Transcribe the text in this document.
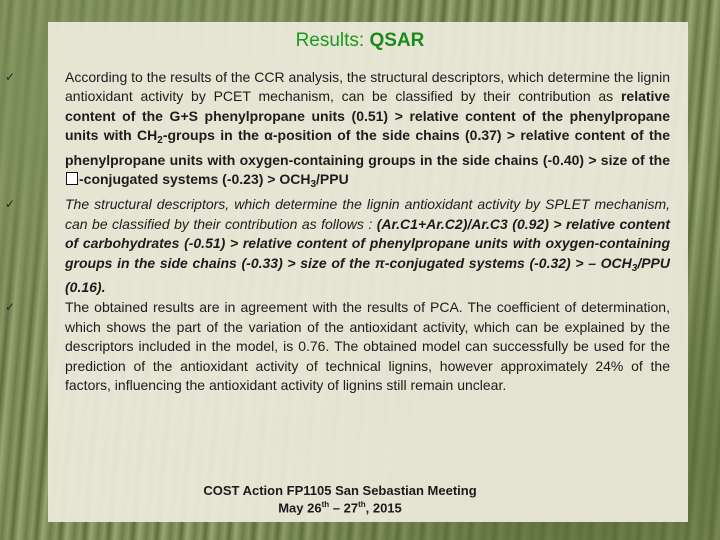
Results: QSAR
✓	According to the results of the CCR analysis, the structural descriptors, which determine the lignin antioxidant activity by PCET mechanism, can be classified by their contribution as relative content of the G+S phenylpropane units (0.51) > relative content of the phenylpropane units with $CH_2$-groups in the α-position of the side chains (0.37) > relative content of the phenylpropane units with oxygen-containing groups in the side chains (-0.40) > size of the -conjugated systems $(-0.23) > OCH_3$/PPU
✓	The structural descriptors, which determine the lignin antioxidant activity by SPLET mechanism, can be classified by their contribution as follows : (Ar.C1+Ar.C2)/Ar.C3 (0.92) > relative content of carbohydrates (-0.51) > relative content of phenylpropane units with oxygen-containing groups in the side chains (-0.33) > size of the π-conjugated systems (-0.32) > – $OCH_3$/PPU (0.16).
✓	The obtained results are in agreement with the results of PCA. The coefficient of determination, which shows the part of the variation of the antioxidant activity, which can be explained by the descriptors included in the model, is 0.76. The obtained model can successfully be used for the prediction of the antioxidant activity of technical lignins, however approximately 24% of the factors, influencing the antioxidant activity of lignins still remain unclear.
COST Action FP1105 San Sebastian Meeting
May 26th – 27th, 2015
